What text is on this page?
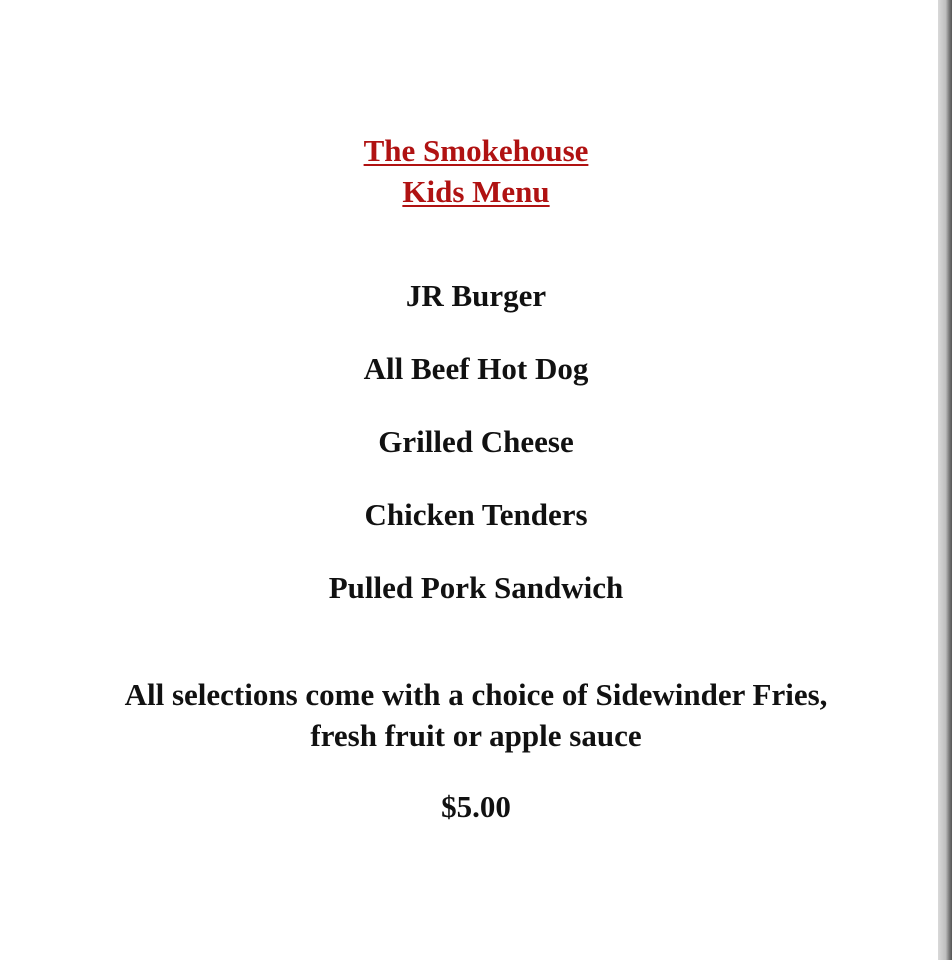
The Smokehouse
Kids Menu
JR Burger
All Beef Hot Dog
Grilled Cheese
Chicken Tenders
Pulled Pork Sandwich
All selections come with a choice of Sidewinder Fries,
fresh fruit or apple sauce
$5.00
